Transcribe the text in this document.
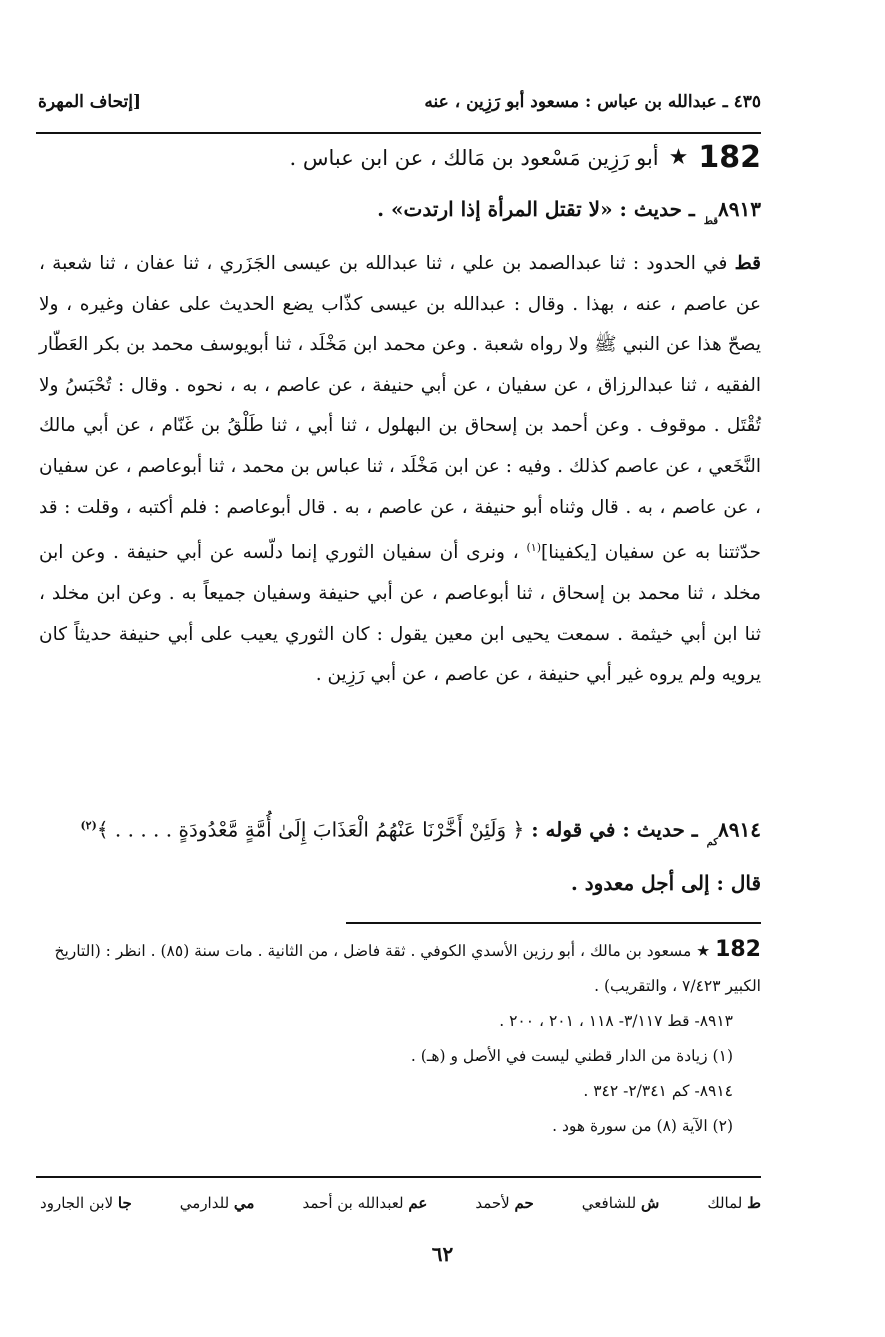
٤٣٥ ـ عبدالله بن عباس : مسعود أبو رَزِين ، عنه
[إتحاف المهرة
182
★
أبو رَزِين مَسْعود بن مَالك ، عن ابن عباس .
$٨٩١٣_{قط}$ ـ حديث : «لا تقتل المرأة إذا ارتدت» .
قط في الحدود : ثنا عبدالصمد بن علي ، ثنا عبدالله بن عيسى الجَزَري ، ثنا عفان ، ثنا شعبة ، عن عاصم ، عنه ، بهذا . وقال : عبدالله بن عيسى كذّاب يضع الحديث على عفان وغيره ، ولا يصحّ هذا عن النبي ﷺ ولا رواه شعبة . وعن محمد ابن مَخْلَد ، ثنا أبويوسف محمد بن بكر العَطّار الفقيه ، ثنا عبدالرزاق ، عن سفيان ، عن أبي حنيفة ، عن عاصم ، به ، نحوه . وقال : تُحْبَسُ ولا تُقْتَل . موقوف . وعن أحمد بن إسحاق بن البهلول ، ثنا أبي ، ثنا طَلْقُ بن غَنّام ، عن أبي مالك النَّخَعي ، عن عاصم كذلك . وفيه : عن ابن مَخْلَد ، ثنا عباس بن محمد ، ثنا أبوعاصم ، عن سفيان ، عن عاصم ، به . قال وثناه أبو حنيفة ، عن عاصم ، به . قال أبوعاصم : فلم أكتبه ، وقلت : قد حدّثتنا به عن سفيان [يكفينا]$^{(١)}$ ، ونرى أن سفيان الثوري إنما دلّسه عن أبي حنيفة . وعن ابن مخلد ، ثنا محمد بن إسحاق ، ثنا أبوعاصم ، عن أبي حنيفة وسفيان جميعاً به . وعن ابن مخلد ، ثنا ابن أبي خيثمة . سمعت يحيى ابن معين يقول : كان الثوري يعيب على أبي حنيفة حديثاً كان يرويه ولم يروه غير أبي حنيفة ، عن عاصم ، عن أبي رَزِين .
$٨٩١٤_{كم}$ ـ حديث : في قوله : ﴿ وَلَئِنْ أَخَّرْنَا عَنْهُمُ الْعَذَابَ إِلَىٰ أُمَّةٍ مَّعْدُودَةٍ . . . . . ﴾$^{(٢)}$
قال : إلى أجل معدود .
182 ★ مسعود بن مالك ، أبو رزين الأسدي الكوفي . ثقة فاضل ، من الثانية . مات سنة (٨٥) . انظر : (التاريخ الكبير ٧/٤٢٣ ، والتقريب) .
٨٩١٣- قط ٣/١١٧- ١١٨ ، ٢٠١ ، ٢٠٠ .
(١) زيادة من الدار قطني ليست في الأصل و (هـ) .
٨٩١٤- كم ٢/٣٤١- ٣٤٢ .
(٢) الآية (٨) من سورة هود .
ط لمالك
ش للشافعي
حم لأحمد
عم لعبدالله بن أحمد
مي للدارمي
جا لابن الجارود
٦٢
